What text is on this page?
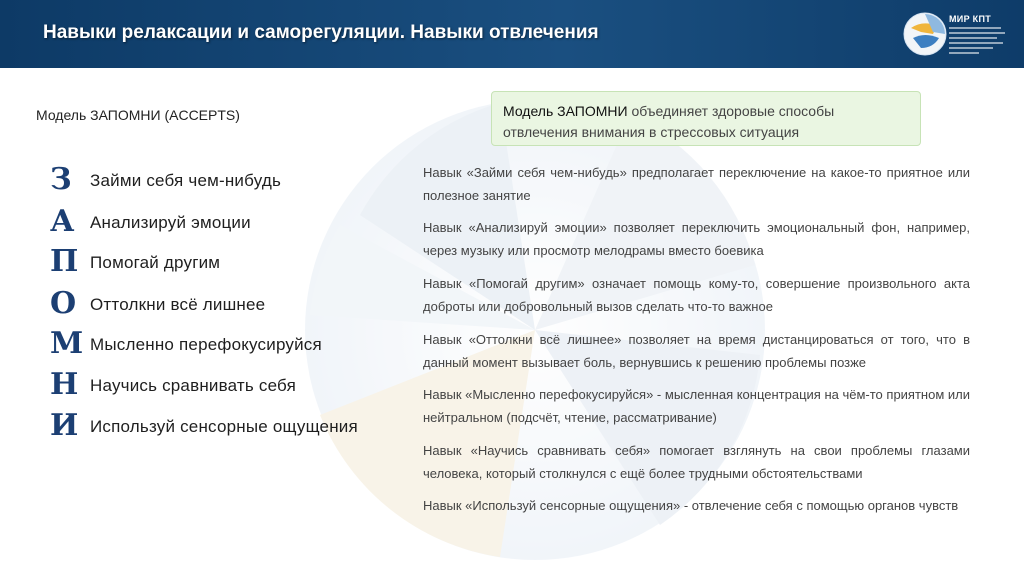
Навыки релаксации и саморегуляции. Навыки отвлечения
МИР КПТ
Модель ЗАПОМНИ (ACCEPTS)
З	Займи себя чем-нибудь
А Анализируй эмоции
П Помогай другим
О Оттолкни всё лишнее
М Мысленно перефокусируйся
Н Научись сравнивать себя
И Используй сенсорные ощущения
Модель ЗАПОМНИ объединяет здоровые способы отвлечения внимания в стрессовых ситуация
Навык «Займи себя чем-нибудь» предполагает переключение на какое-то приятное или полезное занятие
Навык «Анализируй эмоции» позволяет переключить эмоциональный фон, например, через музыку или просмотр мелодрамы вместо боевика
Навык «Помогай другим» означает помощь кому-то, совершение произвольного акта доброты или добровольный вызов сделать что-то важное
Навык «Оттолкни всё лишнее» позволяет на время дистанцироваться от того, что в данный момент вызывает боль, вернувшись к решению проблемы позже
Навык «Мысленно перефокусируйся» - мысленная концентрация на чём-то приятном или нейтральном (подсчёт, чтение, рассматривание)
Навык «Научись сравнивать себя» помогает взглянуть на свои проблемы глазами человека, который столкнулся с ещё более трудными обстоятельствами
Навык «Используй сенсорные ощущения» - отвлечение себя с помощью органов чувств
